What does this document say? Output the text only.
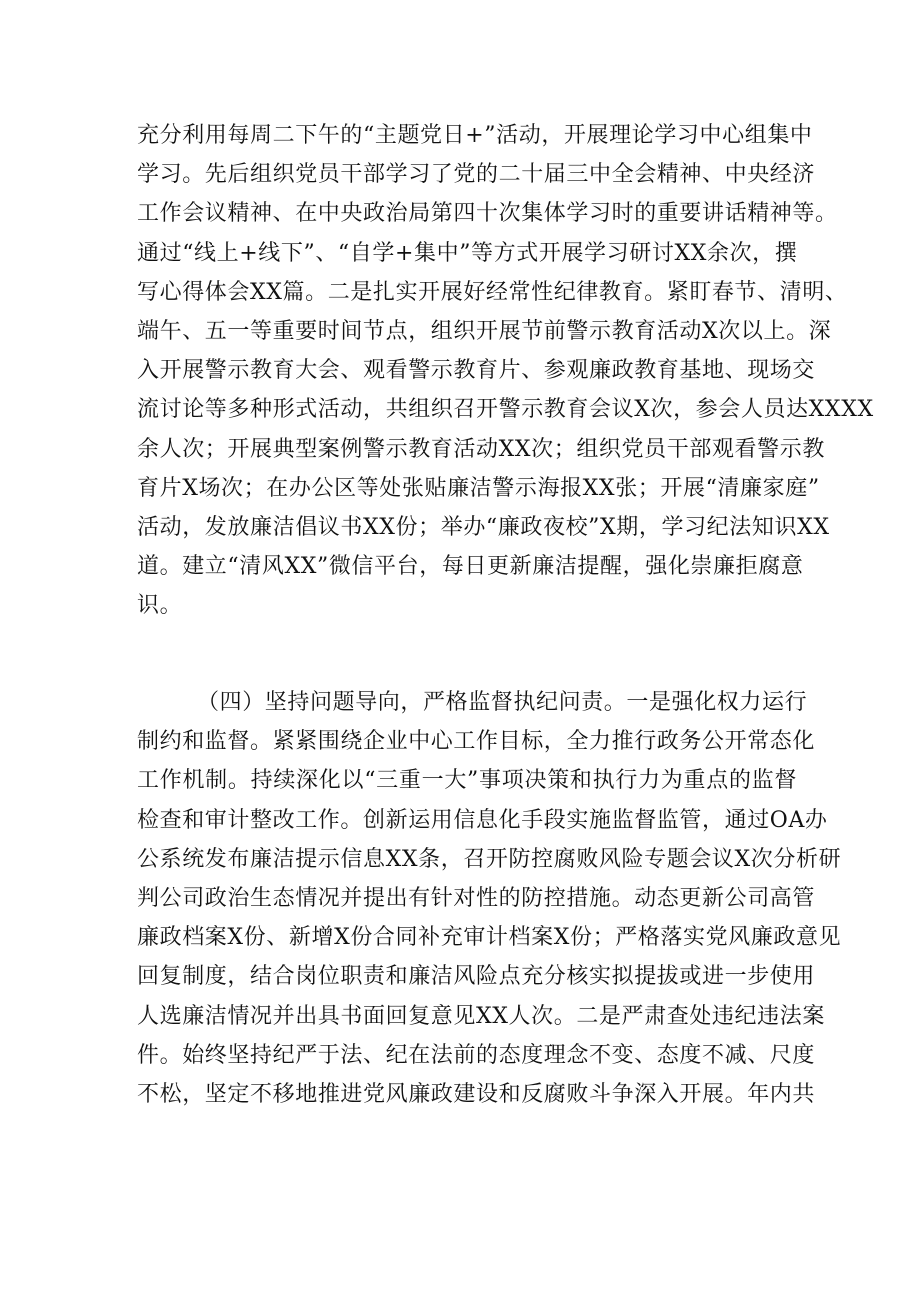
充分利用每周二下午的“主题党日+”活动，开展理论学习中心组集中
学习。先后组织党员干部学习了党的二十届三中全会精神、中央经济
工作会议精神、在中央政治局第四十次集体学习时的重要讲话精神等。
通过“线上+线下”、“自学+集中”等方式开展学习研讨XX余次，撰
写心得体会XX篇。二是扎实开展好经常性纪律教育。紧盯春节、清明、
端午、五一等重要时间节点，组织开展节前警示教育活动X次以上。深
入开展警示教育大会、观看警示教育片、参观廉政教育基地、现场交
流讨论等多种形式活动，共组织召开警示教育会议X次，参会人员达XXXX
余人次；开展典型案例警示教育活动XX次；组织党员干部观看警示教
育片X场次；在办公区等处张贴廉洁警示海报XX张；开展“清廉家庭”
活动，发放廉洁倡议书XX份；举办“廉政夜校”X期，学习纪法知识XX
道。建立“清风XX”微信平台，每日更新廉洁提醒，强化崇廉拒腐意
识。
（四）坚持问题导向，严格监督执纪问责。一是强化权力运行
制约和监督。紧紧围绕企业中心工作目标，全力推行政务公开常态化
工作机制。持续深化以“三重一大”事项决策和执行力为重点的监督
检查和审计整改工作。创新运用信息化手段实施监督监管，通过OA办
公系统发布廉洁提示信息XX条，召开防控腐败风险专题会议X次分析研
判公司政治生态情况并提出有针对性的防控措施。动态更新公司高管
廉政档案X份、新增X份合同补充审计档案X份；严格落实党风廉政意见
回复制度，结合岗位职责和廉洁风险点充分核实拟提拔或进一步使用
人选廉洁情况并出具书面回复意见XX人次。二是严肃查处违纪违法案
件。始终坚持纪严于法、纪在法前的态度理念不变、态度不减、尺度
不松，坚定不移地推进党风廉政建设和反腐败斗争深入开展。年内共
